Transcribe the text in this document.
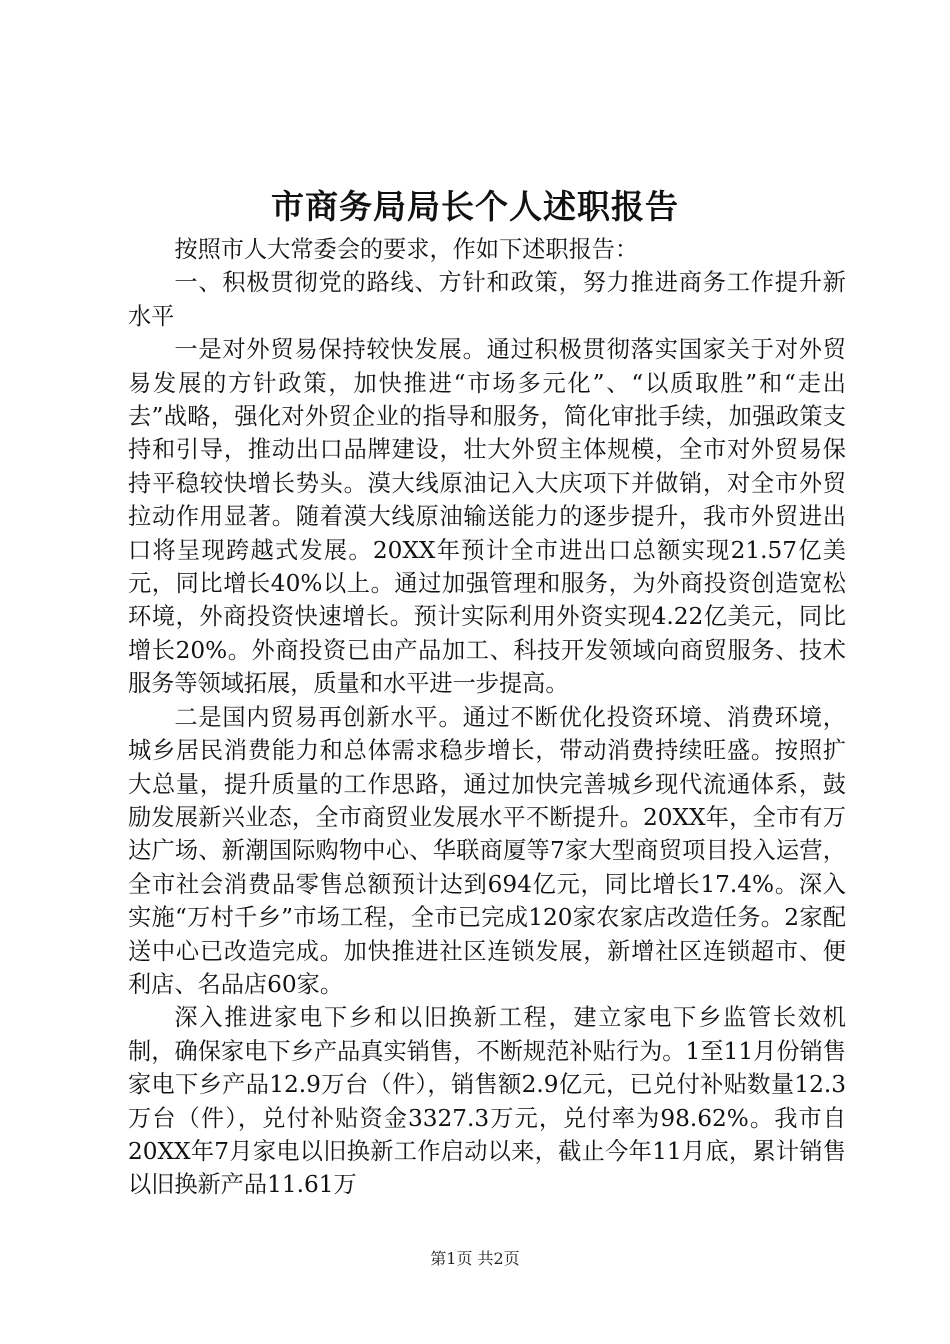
市商务局局长个人述职报告

按照市人大常委会的要求，作如下述职报告：

一、积极贯彻党的路线、方针和政策，努力推进商务工作提升新水平

一是对外贸易保持较快发展。通过积极贯彻落实国家关于对外贸易发展的方针政策，加快推进“市场多元化”、“以质取胜”和“走出去”战略，强化对外贸企业的指导和服务，简化审批手续，加强政策支持和引导，推动出口品牌建设，壮大外贸主体规模，全市对外贸易保持平稳较快增长势头。漠大线原油记入大庆项下并做销，对全市外贸拉动作用显著。随着漠大线原油输送能力的逐步提升，我市外贸进出口将呈现跨越式发展。20XX年预计全市进出口总额实现21.57亿美元，同比增长40%以上。通过加强管理和服务，为外商投资创造宽松环境，外商投资快速增长。预计实际利用外资实现4.22亿美元，同比增长20%。外商投资已由产品加工、科技开发领域向商贸服务、技术服务等领域拓展，质量和水平进一步提高。

二是国内贸易再创新水平。通过不断优化投资环境、消费环境，城乡居民消费能力和总体需求稳步增长，带动消费持续旺盛。按照扩大总量，提升质量的工作思路，通过加快完善城乡现代流通体系，鼓励发展新兴业态，全市商贸业发展水平不断提升。20XX年，全市有万达广场、新潮国际购物中心、华联商厦等7家大型商贸项目投入运营，全市社会消费品零售总额预计达到694亿元，同比增长17.4%。深入实施“万村千乡”市场工程，全市已完成120家农家店改造任务。2家配送中心已改造完成。加快推进社区连锁发展，新增社区连锁超市、便利店、名品店60家。

深入推进家电下乡和以旧换新工程，建立家电下乡监管长效机制，确保家电下乡产品真实销售，不断规范补贴行为。1至11月份销售家电下乡产品12.9万台（件），销售额2.9亿元，已兑付补贴数量12.3万台（件），兑付补贴资金3327.3万元，兑付率为98.62%。我市自20XX年7月家电以旧换新工作启动以来，截止今年11月底，累计销售以旧换新产品11.61万

第1页 共2页
